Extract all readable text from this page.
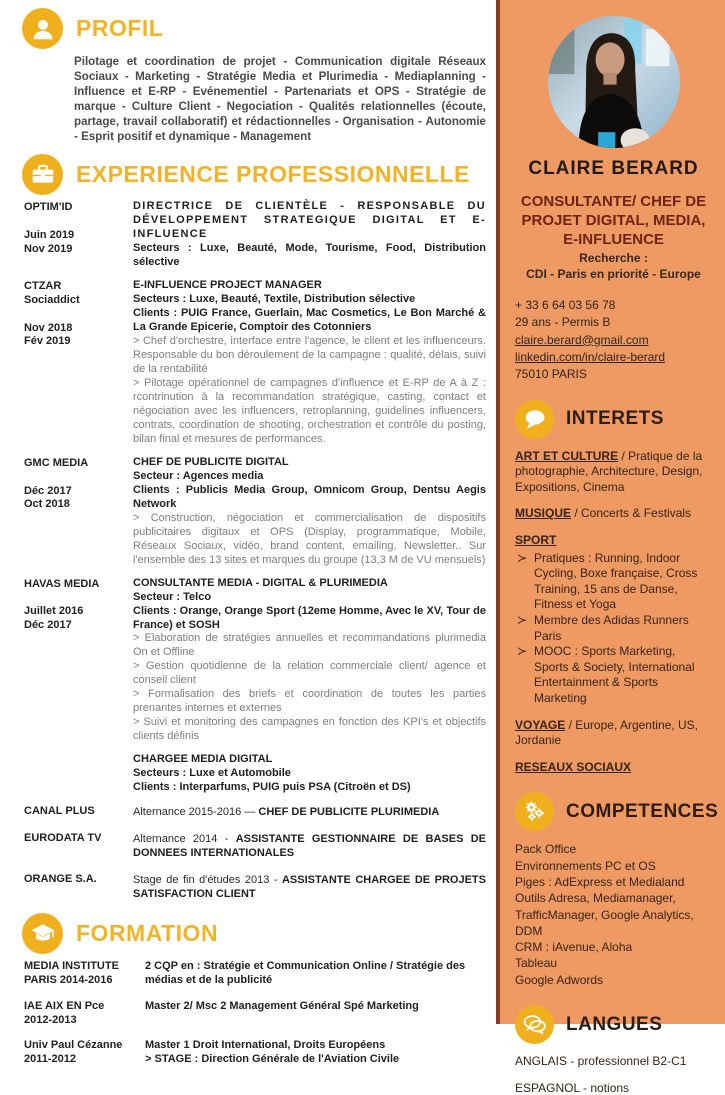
PROFIL

Pilotage et coordination de projet - Communication digitale Réseaux Sociaux - Marketing - Stratégie Media et Plurimedia - Mediaplanning - Influence et E-RP - Evénementiel - Partenariats et OPS - Stratégie de marque - Culture Client - Negociation - Qualités relationnelles (écoute, partage, travail collaboratif) et rédactionnelles - Organisation - Autonomie - Esprit positif et dynamique - Management

EXPERIENCE PROFESSIONNELLE
OPTIM'ID
Juin 2019
Nov 2019
DIRECTRICE DE CLIENTÈLE - RESPONSABLE DU DÉVELOPPEMENT STRATEGIQUE DIGITAL ET E-INFLUENCE
Secteurs : Luxe, Beauté, Mode, Tourisme, Food, Distribution sélective
CTZAR
Sociaddict
Nov 2018
Fév 2019
E-INFLUENCE PROJECT MANAGER
Secteurs : Luxe, Beauté, Textile, Distribution sélective
Clients : PUIG France, Guerlain, Mac Cosmetics, Le Bon Marché & La Grande Epicerie, Comptoir des Cotonniers
> Chef d'orchestre, interface entre l'agence, le client et les influenceurs. Responsable du bon déroulement de la campagne : qualité, délais, suivi de la rentabilité
> Pilotage opérationnel de campagnes d'influence et E-RP de A à Z : rcontrinution à la recommandation stratégique, casting, contact et négociation avec les influencers, retroplanning, guidelines influencers, contrats, coordination de shooting, orchestration et contrôle du posting, bilan final et mesures de performances.
GMC MEDIA
Déc 2017
Oct 2018
CHEF DE PUBLICITE DIGITAL
Secteur : Agences media
Clients : Publicis Media Group, Omnicom Group, Dentsu Aegis Network
> Construction, négociation et commercialisation de dispositifs publicitaires digitaux et OPS (Display, programmatique, Mobile, Réseaux Sociaux, vidéo, brand content, emailing, Newsletter.. Sur l'ensemble des 13 sites et marques du groupe (13,3 M de VU mensuels)
HAVAS MEDIA
Juillet 2016
Déc 2017
CONSULTANTE MEDIA - DIGITAL & PLURIMEDIA
Secteur : Telco
Clients : Orange, Orange Sport (12eme Homme, Avec le XV, Tour de France) et SOSH
> Elaboration de stratégies annuelles et recommandations plurimedia On et Offline
> Gestion quotidienne de la relation commerciale client/ agence et conseil client
> Formalisation des briefs et coordination de toutes les parties prenantes internes et externes
> Suivi et monitoring des campagnes en fonction des KPI's et objectifs clients définis
CHARGEE MEDIA DIGITAL
Secteurs : Luxe et Automobile
Clients : Interparfums, PUIG puis PSA (Citroën et DS)
CANAL PLUS	Alternance 2015-2016 — CHEF DE PUBLICITE PLURIMEDIA
EURODATA TV	Alternance 2014 - ASSISTANTE GESTIONNAIRE DE BASES DE DONNEES INTERNATIONALES
ORANGE S.A.	Stage de fin d'études 2013 - ASSISTANTE CHARGEE DE PROJETS SATISFACTION CLIENT
FORMATION
MEDIA INSTITUTE
PARIS 2014-2016
2 CQP en : Stratégie et Communication Online / Stratégie des médias et de la publicité
IAE AIX EN Pce
2012-2013
Master 2/ Msc 2 Management Général Spé Marketing
Univ Paul Cézanne
2011-2012
Master 1 Droit International, Droits Européens
> STAGE : Direction Générale de l'Aviation Civile
CLAIRE BERARD
CONSULTANTE/ CHEF DE PROJET DIGITAL, MEDIA, E-INFLUENCE
Recherche :
CDI - Paris en priorité - Europe
+ 33 6 64 03 56 78
29 ans - Permis B
claire.berard@gmail.com
linkedin.com/in/claire-berard
75010 PARIS
INTERETS
ART ET CULTURE / Pratique de la photographie, Architecture, Design, Expositions, Cinema
MUSIQUE / Concerts & Festivals
SPORT
≻ Pratiques : Running, Indoor Cycling, Boxe française, Cross Training, 15 ans de Danse, Fitness et Yoga
≻ Membre des Adidas Runners Paris
≻ MOOC : Sports Marketing, Sports & Society, International Entertainment & Sports Marketing
VOYAGE / Europe, Argentine, US, Jordanie
RESEAUX SOCIAUX
COMPETENCES
Pack Office
Environnements PC et OS
Piges : AdExpress et Medialand
Outils Adresa, Mediamanager, TrafficManager, Google Analytics, DDM
CRM : iAvenue, Aloha
Tableau
Google Adwords
LANGUES
ANGLAIS - professionnel B2-C1
ESPAGNOL - notions
